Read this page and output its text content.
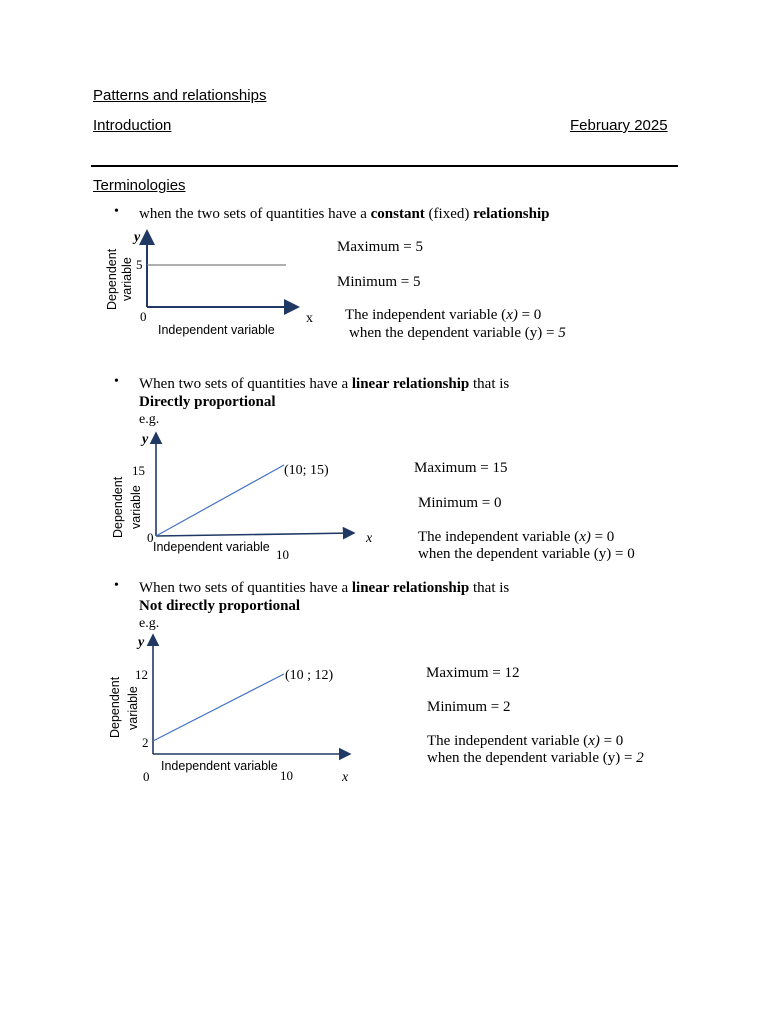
Patterns and relationships
Introduction	February 2025
Terminologies
• when the two sets of quantities have a constant (fixed) relationship
y
5
0	x
Independent variable
Dependent variable
Maximum = 5
Minimum = 5
The independent variable (x) = 0
when the dependent variable (y) = 5
• When two sets of quantities have a linear relationship that is
Directly proportional
e.g.
y
15
0	x
10
(10; 15)
Independent variable
Dependent variable
Maximum = 15
Minimum = 0
The independent variable (x) = 0
when the dependent variable (y) = 0
• When two sets of quantities have a linear relationship that is
Not directly proportional
e.g.
y
12
2
0	x
10
(10 ; 12)
Independent variable
Dependent variable
Maximum = 12
Minimum = 2
The independent variable (x) = 0
when the dependent variable (y) = 2
